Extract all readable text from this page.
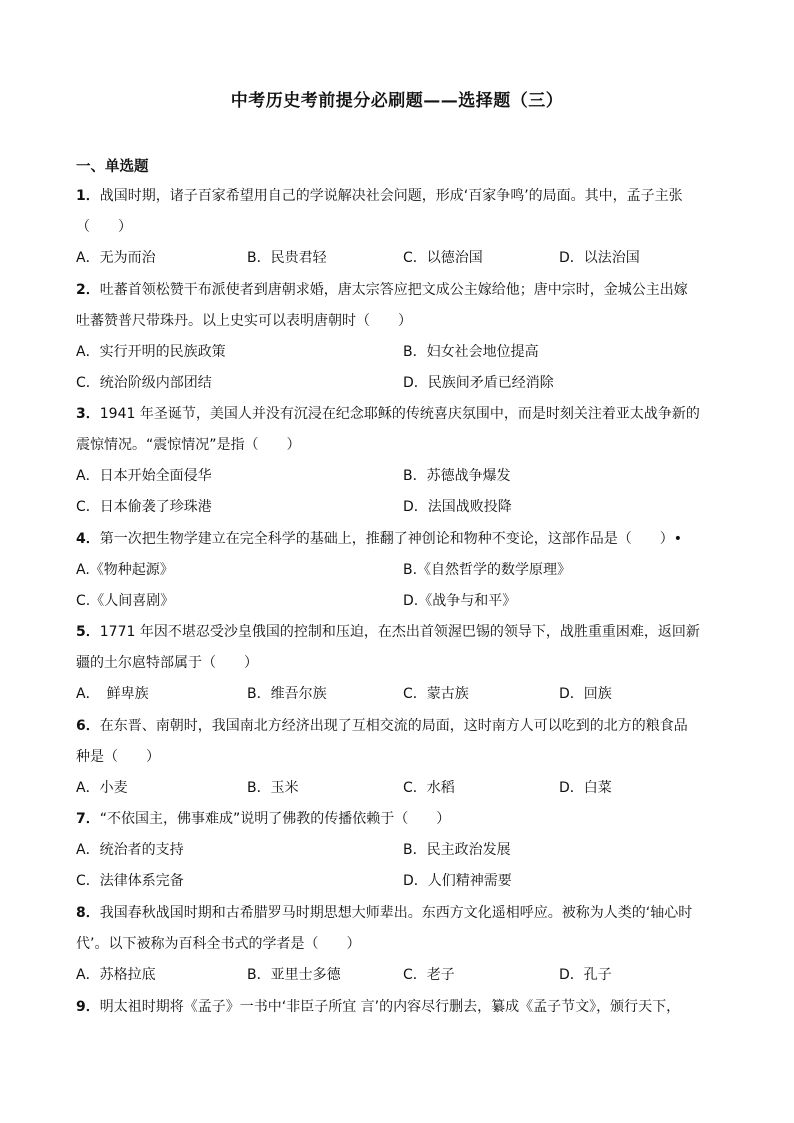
中考历史考前提分必刷题——选择题（三）
一、单选题
1．战国时期，诸子百家希望用自己的学说解决社会问题，形成‘百家争鸣’的局面。其中，孟子主张
（　　）
A．无为而治	B．民贵君轻	C．以德治国	D．以法治国
2．吐蕃首领松赞干布派使者到唐朝求婚，唐太宗答应把文成公主嫁给他；唐中宗时，金城公主出嫁
吐蕃赞普尺带珠丹。以上史实可以表明唐朝时（　　）
A．实行开明的民族政策	B．妇女社会地位提高
C．统治阶级内部团结	D．民族间矛盾已经消除
3．1941 年圣诞节，美国人并没有沉浸在纪念耶稣的传统喜庆氛围中，而是时刻关注着亚太战争新的
震惊情况。“震惊情况”是指（　　）
A．日本开始全面侵华	B．苏德战争爆发
C．日本偷袭了珍珠港	D．法国战败投降
4．第一次把生物学建立在完全科学的基础上，推翻了神创论和物种不变论，这部作品是（　　）•
A.《物种起源》	B.《自然哲学的数学原理》
C.《人间喜剧》	D.《战争与和平》
5．1771 年因不堪忍受沙皇俄国的控制和压迫，在杰出首领渥巴锡的领导下，战胜重重困难，返回新
疆的土尔扈特部属于（　　）
A．　鲜卑族	B．维吾尔族	C．蒙古族	D．回族
6．在东晋、南朝时，我国南北方经济出现了互相交流的局面，这时南方人可以吃到的北方的粮食品
种是（　　）
A．小麦	B．玉米	C．水稻	D．白菜
7．“不依国主，佛事难成”说明了佛教的传播依赖于（　　）
A．统治者的支持	B．民主政治发展
C．法律体系完备	D．人们精神需要
8．我国春秋战国时期和古希腊罗马时期思想大师辈出。东西方文化遥相呼应。被称为人类的‘轴心时
代’。以下被称为百科全书式的学者是（　　）
A．苏格拉底	B．亚里士多德	C．老子	D．孔子
9．明太祖时期将《孟子》一书中‘非臣子所宜 言’的内容尽行删去，纂成《孟子节文》，颁行天下，
